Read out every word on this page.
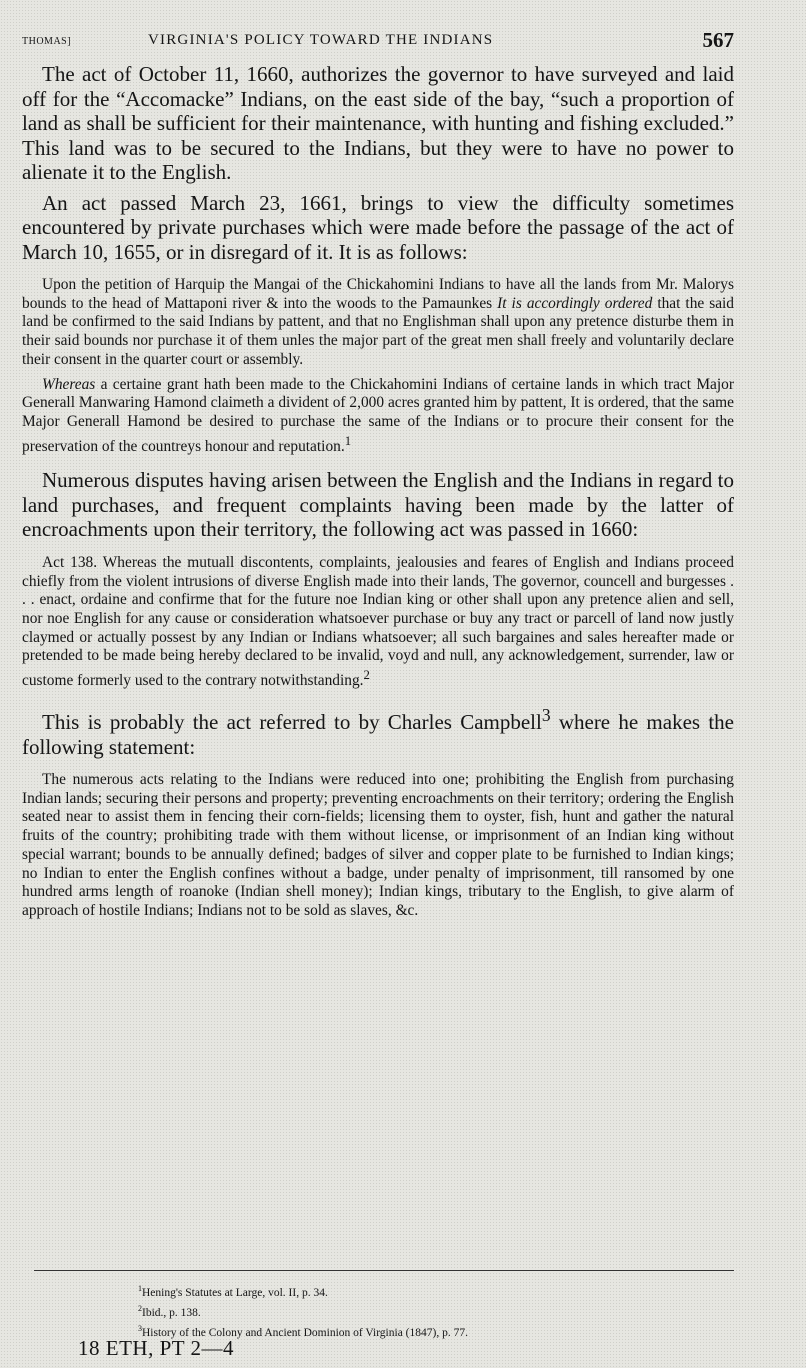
THOMAS]	VIRGINIA'S POLICY TOWARD THE INDIANS	567

The act of October 11, 1660, authorizes the governor to have surveyed and laid off for the “Accomacke” Indians, on the east side of the bay, “such a proportion of land as shall be sufficient for their maintenance, with hunting and fishing excluded.” This land was to be secured to the Indians, but they were to have no power to alienate it to the English.

An act passed March 23, 1661, brings to view the difficulty sometimes encountered by private purchases which were made before the passage of the act of March 10, 1655, or in disregard of it. It is as follows:

Upon the petition of Harquip the Mangai of the Chickahomini Indians to have all the lands from Mr. Malorys bounds to the head of Mattaponi river & into the woods to the Pamaunkes It is accordingly ordered that the said land be confirmed to the said Indians by pattent, and that no Englishman shall upon any pretence disturbe them in their said bounds nor purchase it of them unles the major part of the great men shall freely and voluntarily declare their consent in the quarter court or assembly.

Whereas a certaine grant hath been made to the Chickahomini Indians of certaine lands in which tract Major Generall Manwaring Hamond claimeth a divident of 2,000 acres granted him by pattent, It is ordered, that the same Major Generall Hamond be desired to purchase the same of the Indians or to procure their consent for the preservation of the countreys honour and reputation.$^1$

Numerous disputes having arisen between the English and the Indians in regard to land purchases, and frequent complaints having been made by the latter of encroachments upon their territory, the following act was passed in 1660:

Act 138. Whereas the mutuall discontents, complaints, jealousies and feares of English and Indians proceed chiefly from the violent intrusions of diverse English made into their lands, The governor, councell and burgesses . . . enact, ordaine and confirme that for the future noe Indian king or other shall upon any pretence alien and sell, nor noe English for any cause or consideration whatsoever purchase or buy any tract or parcell of land now justly claymed or actually possest by any Indian or Indians whatsoever; all such bargaines and sales hereafter made or pretended to be made being hereby declared to be invalid, voyd and null, any acknowledgement, surrender, law or custome formerly used to the contrary notwithstanding.$^2$

This is probably the act referred to by Charles Campbell$^3$ where he makes the following statement:

The numerous acts relating to the Indians were reduced into one; prohibiting the English from purchasing Indian lands; securing their persons and property; preventing encroachments on their territory; ordering the English seated near to assist them in fencing their corn-fields; licensing them to oyster, fish, hunt and gather the natural fruits of the country; prohibiting trade with them without license, or imprisonment of an Indian king without special warrant; bounds to be annually defined; badges of silver and copper plate to be furnished to Indian kings; no Indian to enter the English confines without a badge, under penalty of imprisonment, till ransomed by one hundred arms length of roanoke (Indian shell money); Indian kings, tributary to the English, to give alarm of approach of hostile Indians; Indians not to be sold as slaves, &c.

$^1$Hening's Statutes at Large, vol. II, p. 34.
$^2$Ibid., p. 138.
$^3$History of the Colony and Ancient Dominion of Virginia (1847), p. 77.
18 ETH, PT 2—4
